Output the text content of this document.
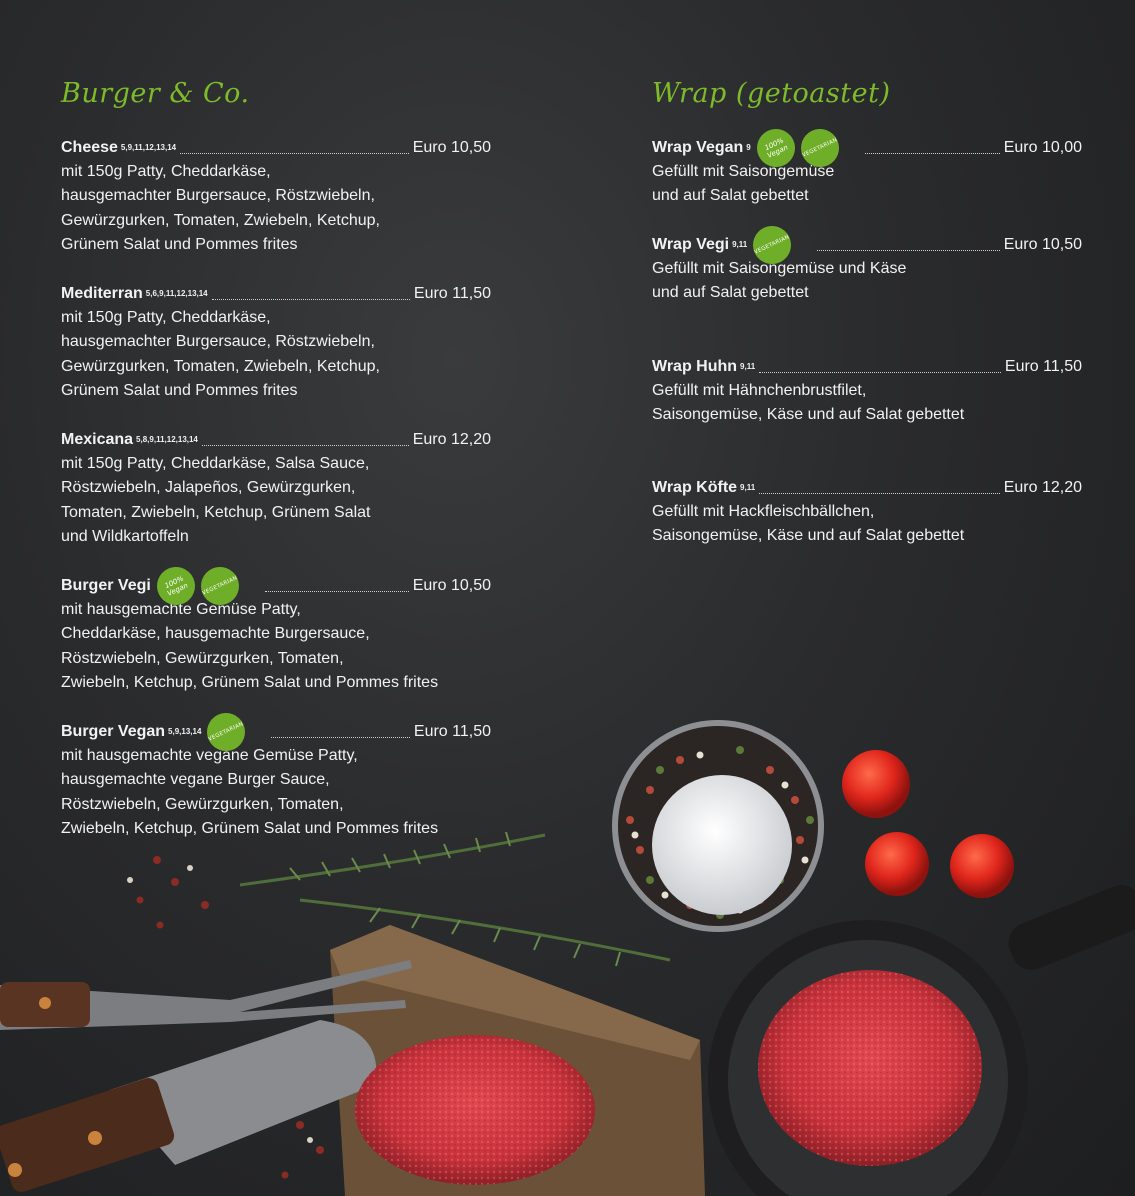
Burger & Co.
Cheese 5,9,11,12,13,14	Euro 10,50
mit 150g Patty, Cheddarkäse,
hausgemachter Burgersauce, Röstzwiebeln,
Gewürzgurken, Tomaten, Zwiebeln, Ketchup,
Grünem Salat und Pommes frites
Mediterran 5,6,9,11,12,13,14	Euro 11,50
mit 150g Patty, Cheddarkäse,
hausgemachter Burgersauce, Röstzwiebeln,
Gewürzgurken, Tomaten, Zwiebeln, Ketchup,
Grünem Salat und Pommes frites
Mexicana 5,8,9,11,12,13,14	Euro 12,20
mit 150g Patty, Cheddarkäse, Salsa Sauce,
Röstzwiebeln, Jalapeños, Gewürzgurken,
Tomaten, Zwiebeln, Ketchup, Grünem Salat
und Wildkartoffeln
Burger Vegi	100% Vegan	VEGETARIAN	Euro 10,50
mit hausgemachte Gemüse Patty,
Cheddarkäse, hausgemachte Burgersauce,
Röstzwiebeln, Gewürzgurken, Tomaten,
Zwiebeln, Ketchup, Grünem Salat und Pommes frites
Burger Vegan 5,9,13,14	VEGETARIAN	Euro 11,50
mit hausgemachte vegane Gemüse Patty,
hausgemachte vegane Burger Sauce,
Röstzwiebeln, Gewürzgurken, Tomaten,
Zwiebeln, Ketchup, Grünem Salat und Pommes frites
Wrap (getoastet)
Wrap Vegan 9	100% Vegan	VEGETARIAN	Euro 10,00
Gefüllt mit Saisongemüse
und auf Salat gebettet
Wrap Vegi 9,11	VEGETARIAN	Euro 10,50
Gefüllt mit Saisongemüse und Käse
und auf Salat gebettet
Wrap Huhn 9,11	Euro 11,50
Gefüllt mit Hähnchenbrustfilet,
Saisongemüse, Käse und auf Salat gebettet
Wrap Köfte 9,11	Euro 12,20
Gefüllt mit Hackfleischbällchen,
Saisongemüse, Käse und auf Salat gebettet
